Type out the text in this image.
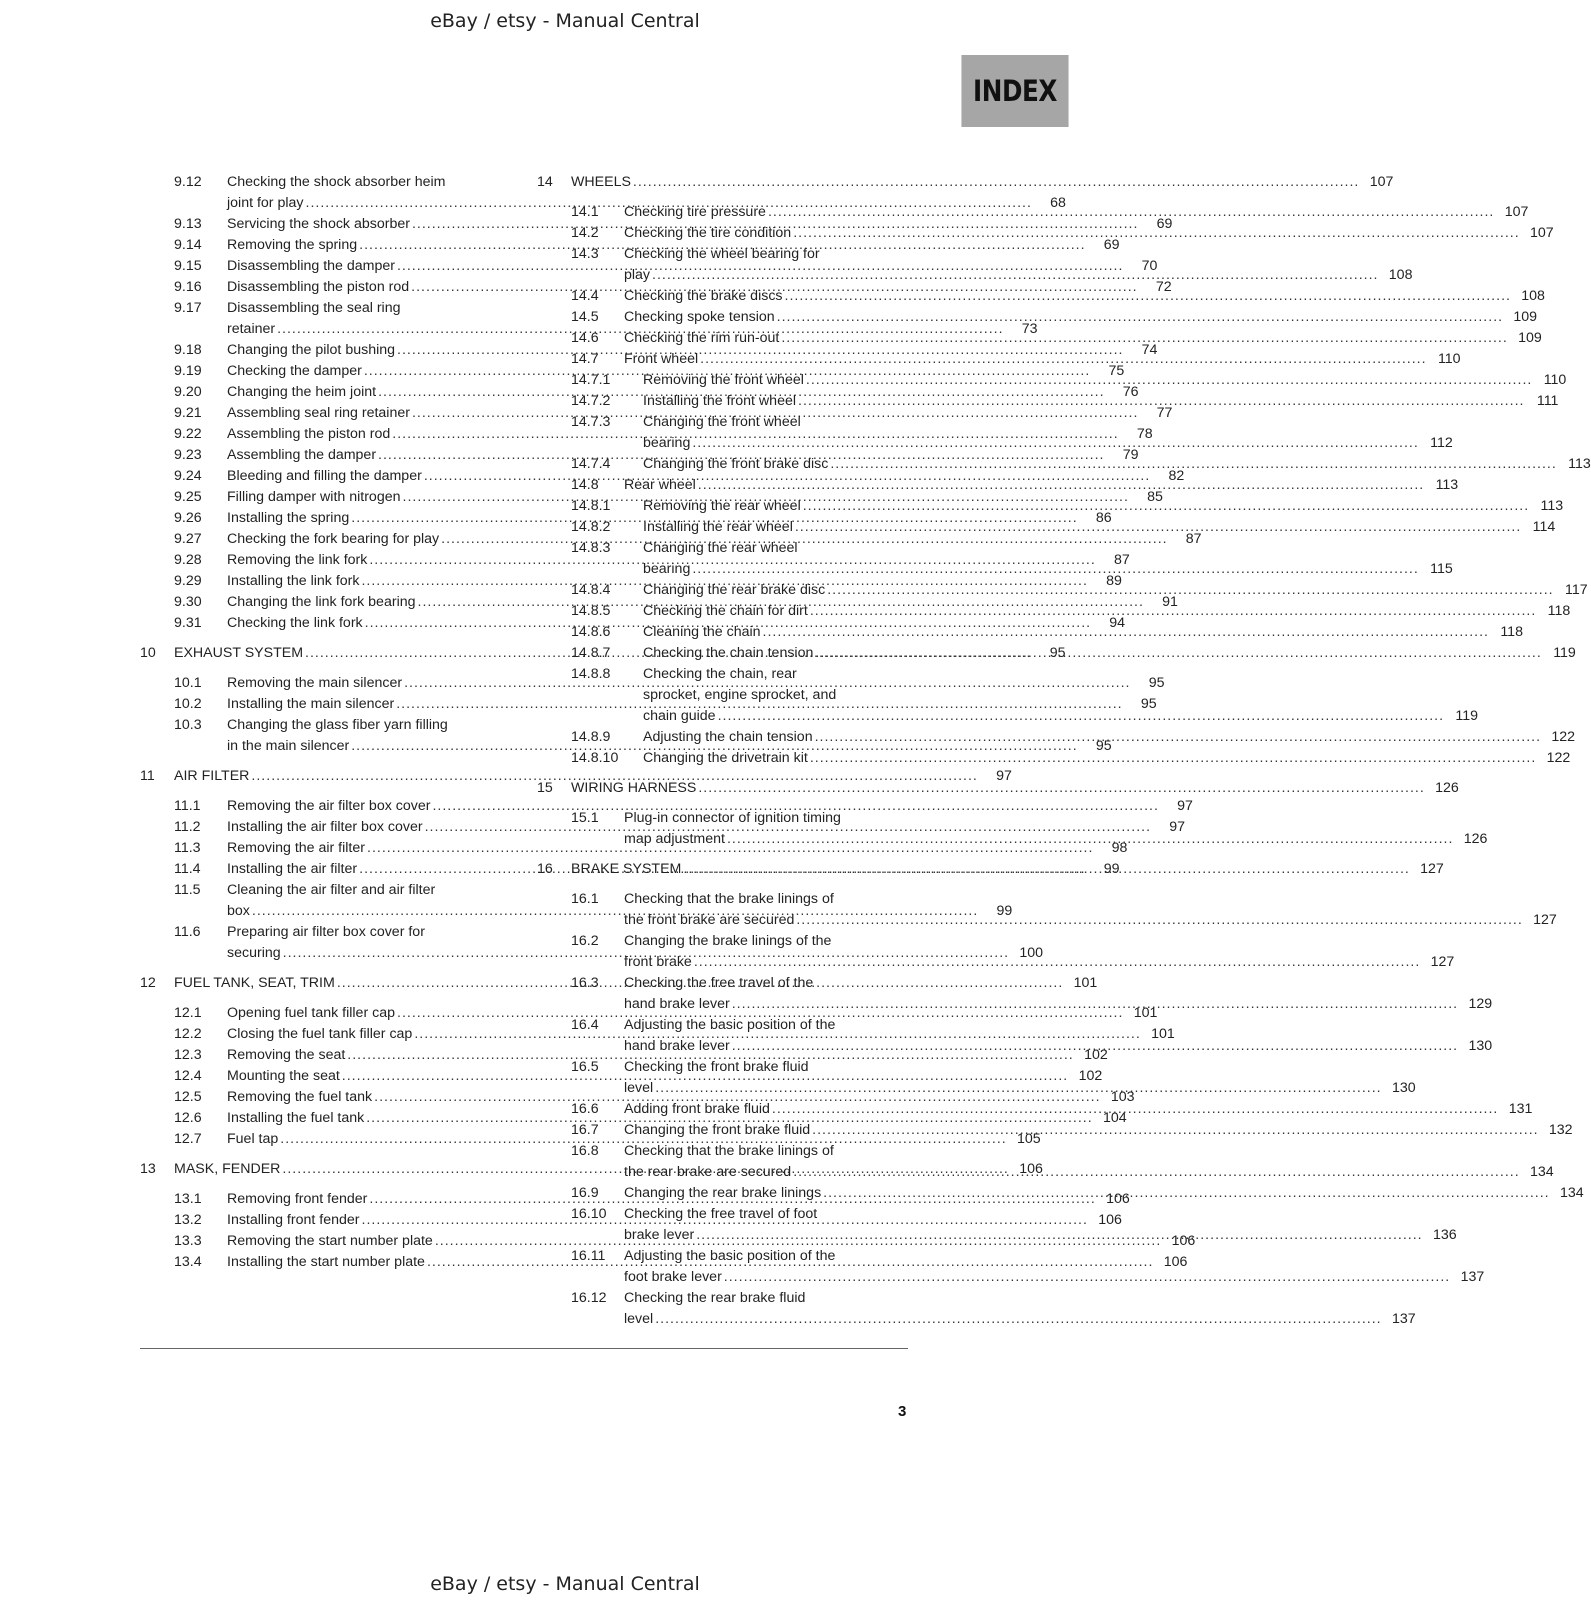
eBay / etsy - Manual Central
INDEX
9.12	Checking the shock absorber heim
joint for play .....	68
9.13	Servicing the shock absorber .....	69
9.14	Removing the spring .....	69
9.15	Disassembling the damper .....	70
9.16	Disassembling the piston rod .....	72
9.17	Disassembling the seal ring
retainer .....	73
9.18	Changing the pilot bushing .....	74
9.19	Checking the damper .....	75
9.20	Changing the heim joint .....	76
9.21	Assembling seal ring retainer .....	77
9.22	Assembling the piston rod .....	78
9.23	Assembling the damper .....	79
9.24	Bleeding and filling the damper .....	82
9.25	Filling damper with nitrogen .....	85
9.26	Installing the spring .....	86
9.27	Checking the fork bearing for play .....	87
9.28	Removing the link fork .....	87
9.29	Installing the link fork .....	89
9.30	Changing the link fork bearing .....	91
9.31	Checking the link fork .....	94
10	EXHAUST SYSTEM .....	95
10.1	Removing the main silencer .....	95
10.2	Installing the main silencer .....	95
10.3	Changing the glass fiber yarn filling
in the main silencer .....	95
11	AIR FILTER .....	97
11.1	Removing the air filter box cover .....	97
11.2	Installing the air filter box cover .....	97
11.3	Removing the air filter .....	98
11.4	Installing the air filter .....	99
11.5	Cleaning the air filter and air filter
box .....	99
11.6	Preparing air filter box cover for
securing .....	100
12	FUEL TANK, SEAT, TRIM .....	101
12.1	Opening fuel tank filler cap .....	101
12.2	Closing the fuel tank filler cap .....	101
12.3	Removing the seat .....	102
12.4	Mounting the seat .....	102
12.5	Removing the fuel tank .....	103
12.6	Installing the fuel tank .....	104
12.7	Fuel tap .....	105
13	MASK, FENDER .....	106
13.1	Removing front fender .....	106
13.2	Installing front fender .....	106
13.3	Removing the start number plate .....	106
13.4	Installing the start number plate .....	106
14	WHEELS .....	107
14.1	Checking tire pressure .....	107
14.2	Checking the tire condition .....	107
14.3	Checking the wheel bearing for
play .....	108
14.4	Checking the brake discs .....	108
14.5	Checking spoke tension .....	109
14.6	Checking the rim run-out .....	109
14.7	Front wheel .....	110
14.7.1	Removing the front wheel .....	110
14.7.2	Installing the front wheel .....	111
14.7.3	Changing the front wheel
bearing .....	112
14.7.4	Changing the front brake disc .....	113
14.8	Rear wheel .....	113
14.8.1	Removing the rear wheel .....	113
14.8.2	Installing the rear wheel .....	114
14.8.3	Changing the rear wheel
bearing .....	115
14.8.4	Changing the rear brake disc .....	117
14.8.5	Checking the chain for dirt .....	118
14.8.6	Cleaning the chain .....	118
14.8.7	Checking the chain tension .....	119
14.8.8	Checking the chain, rear
sprocket, engine sprocket, and
chain guide .....	119
14.8.9	Adjusting the chain tension .....	122
14.8.10	Changing the drivetrain kit .....	122
15	WIRING HARNESS .....	126
15.1	Plug-in connector of ignition timing
map adjustment .....	126
16	BRAKE SYSTEM .....	127
16.1	Checking that the brake linings of
the front brake are secured .....	127
16.2	Changing the brake linings of the
front brake .....	127
16.3	Checking the free travel of the
hand brake lever .....	129
16.4	Adjusting the basic position of the
hand brake lever .....	130
16.5	Checking the front brake fluid
level .....	130
16.6	Adding front brake fluid .....	131
16.7	Changing the front brake fluid .....	132
16.8	Checking that the brake linings of
the rear brake are secured .....	134
16.9	Changing the rear brake linings .....	134
16.10	Checking the free travel of foot
brake lever .....	136
16.11	Adjusting the basic position of the
foot brake lever .....	137
16.12	Checking the rear brake fluid
level .....	137
3
eBay / etsy - Manual Central
